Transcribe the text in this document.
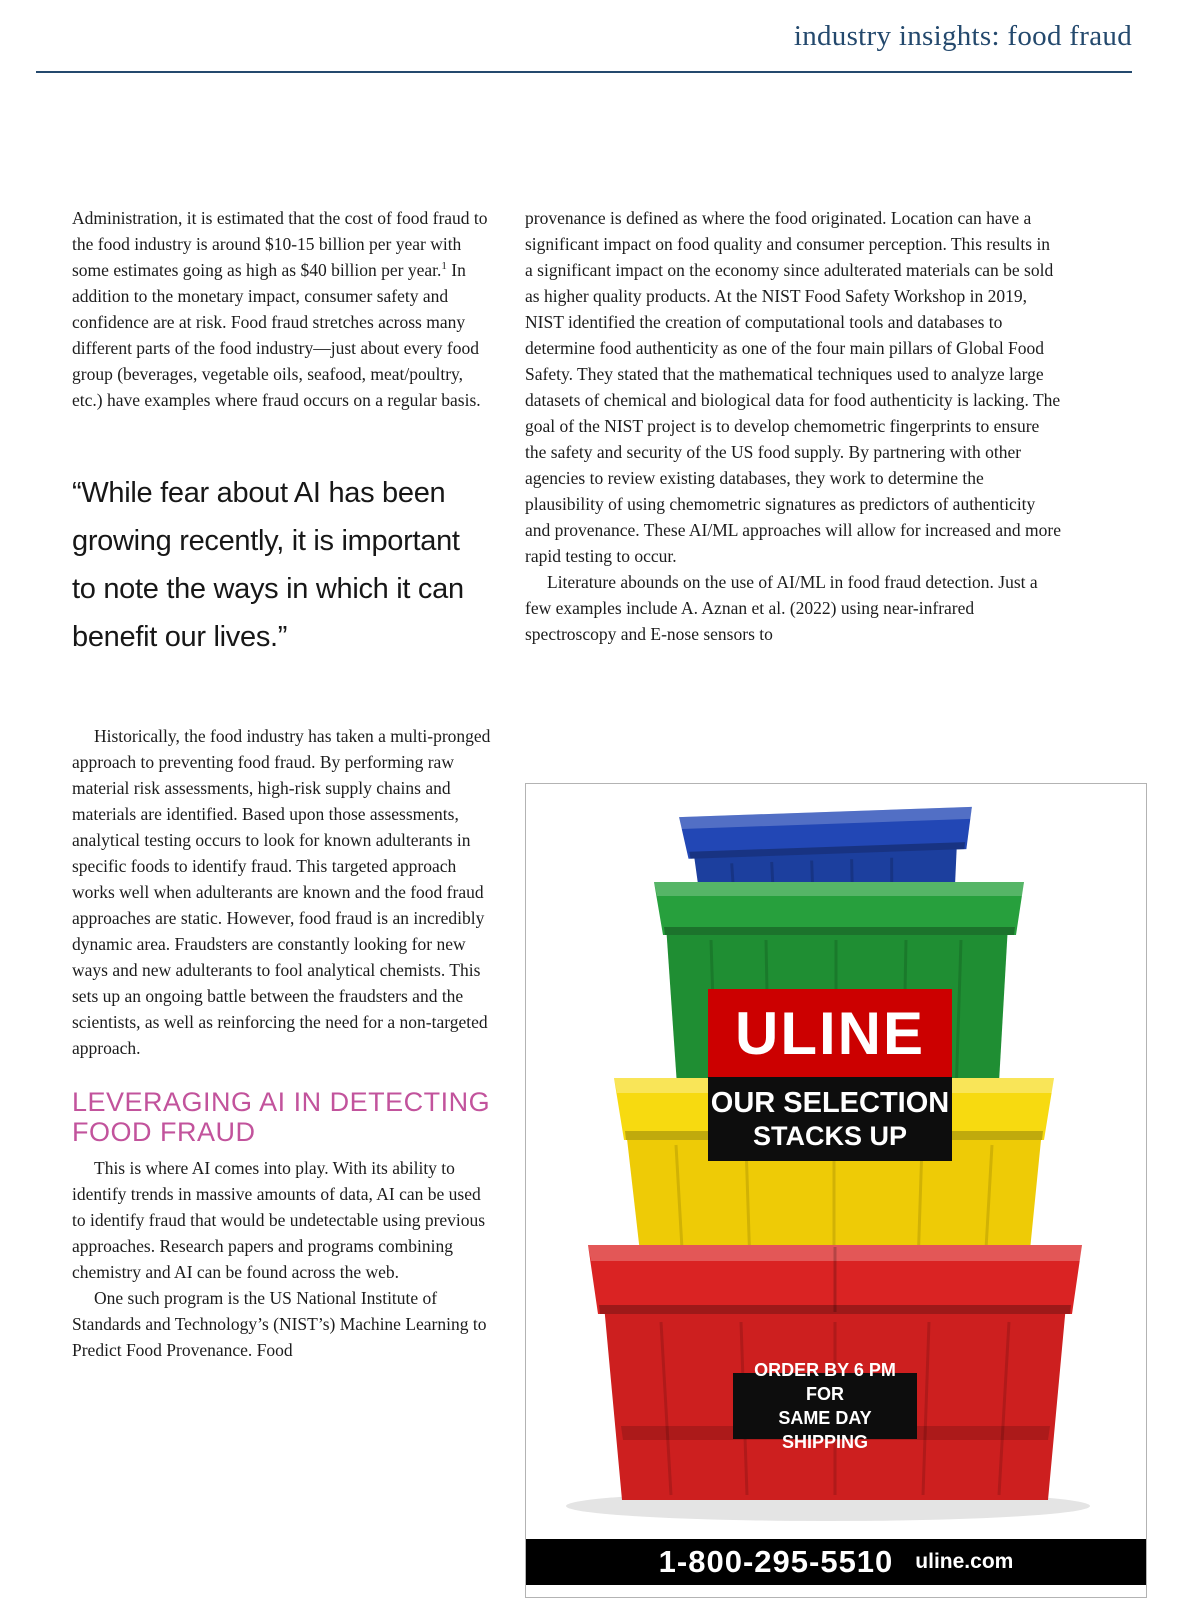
industry insights: food fraud

Administration, it is estimated that the cost of food fraud to the food industry is around $10-15 billion per year with some estimates going as high as $40 billion per year.$^1$ In addition to the monetary impact, consumer safety and confidence are at risk. Food fraud stretches across many different parts of the food industry—just about every food group (beverages, vegetable oils, seafood, meat/poultry, etc.) have examples where fraud occurs on a regular basis.

“While fear about AI has been
growing recently, it is important
to note the ways in which it can
benefit our lives.”

Historically, the food industry has taken a multi-pronged approach to preventing food fraud. By performing raw material risk assessments, high-risk supply chains and materials are identified. Based upon those assessments, analytical testing occurs to look for known adulterants in specific foods to identify fraud. This targeted approach works well when adulterants are known and the food fraud approaches are static. However, food fraud is an incredibly dynamic area. Fraudsters are constantly looking for new ways and new adulterants to fool analytical chemists. This sets up an ongoing battle between the fraudsters and the scientists, as well as reinforcing the need for a non-targeted approach.

LEVERAGING AI IN DETECTING FOOD FRAUD

This is where AI comes into play. With its ability to identify trends in massive amounts of data, AI can be used to identify fraud that would be undetectable using previous approaches. Research papers and programs combining chemistry and AI can be found across the web.

One such program is the US National Institute of Standards and Technology’s (NIST’s) Machine Learning to Predict Food Provenance. Food

provenance is defined as where the food originated. Location can have a significant impact on food quality and consumer perception. This results in a significant impact on the economy since adulterated materials can be sold as higher quality products. At the NIST Food Safety Workshop in 2019, NIST identified the creation of computational tools and databases to determine food authenticity as one of the four main pillars of Global Food Safety. They stated that the mathematical techniques used to analyze large datasets of chemical and biological data for food authenticity is lacking. The goal of the NIST project is to develop chemometric fingerprints to ensure the safety and security of the US food supply. By partnering with other agencies to review existing databases, they work to determine the plausibility of using chemometric signatures as predictors of authenticity and provenance. These AI/ML approaches will allow for increased and more rapid testing to occur.

Literature abounds on the use of AI/ML in food fraud detection. Just a few examples include A. Aznan et al. (2022) using near-infrared spectroscopy and E-nose sensors to

ULINE
OUR SELECTION
STACKS UP
ORDER BY 6 PM FOR
SAME DAY SHIPPING
1-800-295-5510 uline.com
